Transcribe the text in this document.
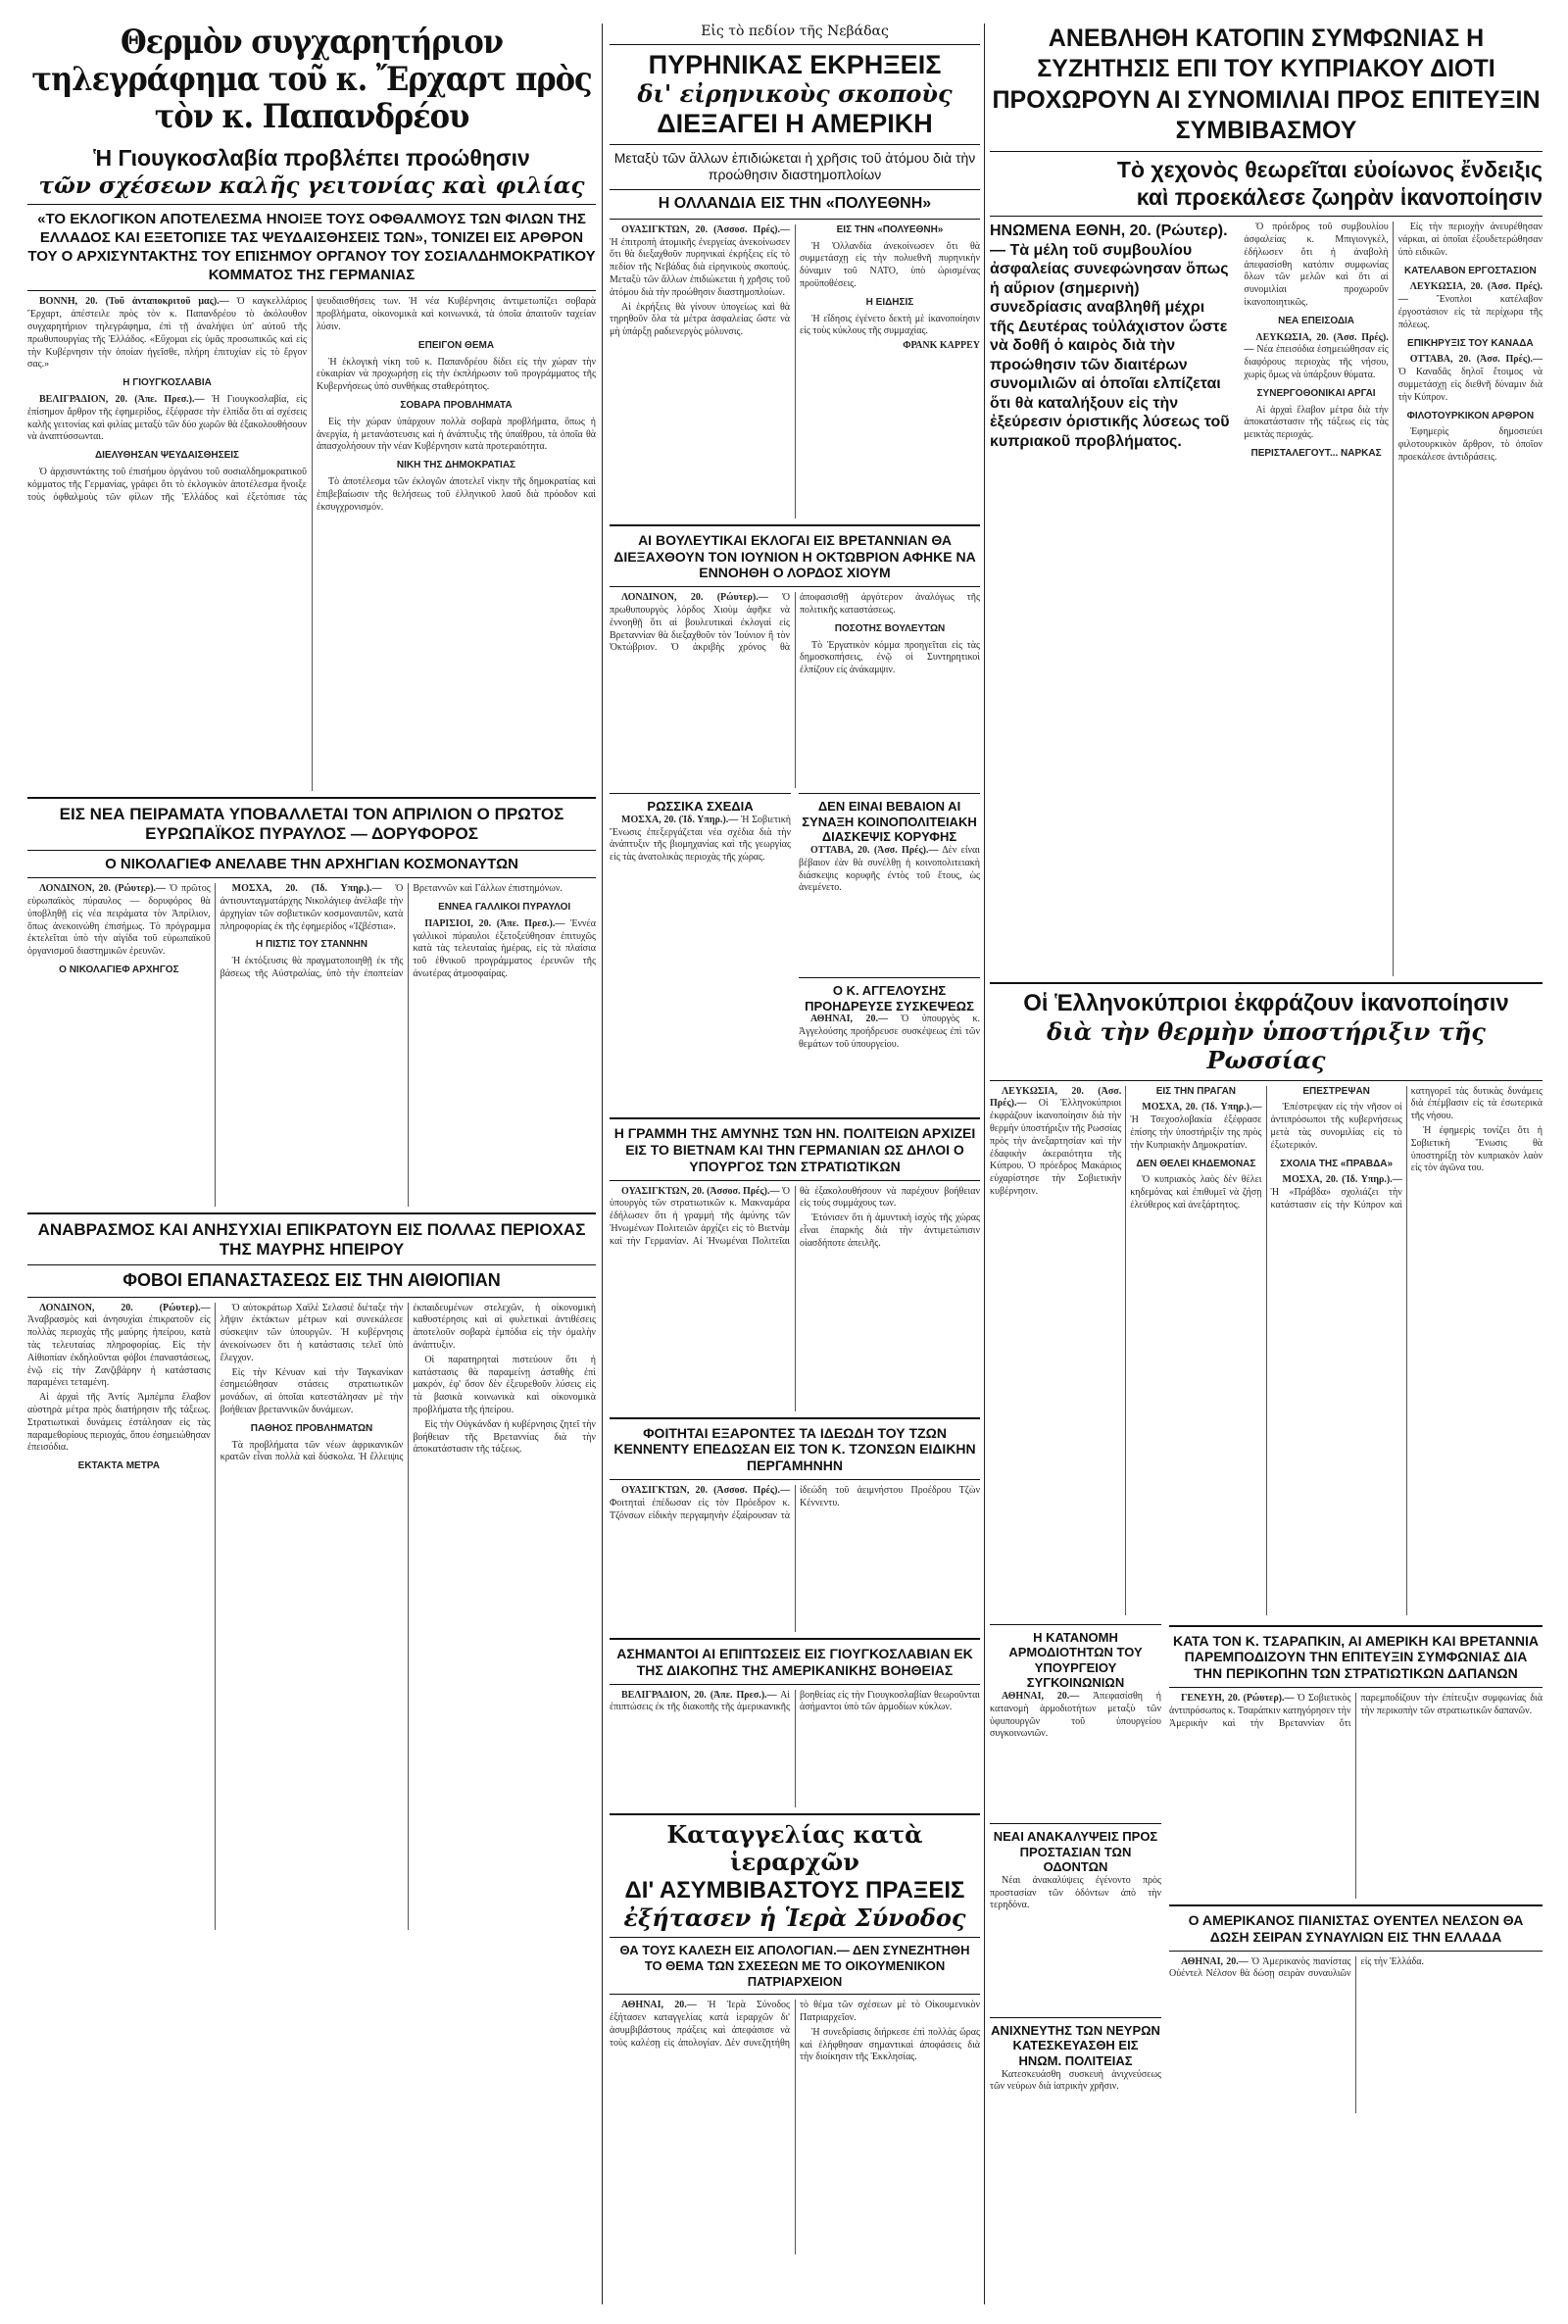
Θερμὸν συγχαρητήριον τηλεγράφημα τοῦ κ. Ἔρχαρτ πρὸς τὸν κ. Παπανδρέου
Ἡ Γιουγκοσλαβία προβλέπει προώθησιν
τῶν σχέσεων καλῆς γειτονίας καὶ φιλίας
«ΤΟ ΕΚΛΟΓΙΚΟΝ ΑΠΟΤΕΛΕΣΜΑ ΗΝΟΙΞΕ ΤΟΥΣ ΟΦΘΑΛΜΟΥΣ ΤΩΝ ΦΙΛΩΝ ΤΗΣ ΕΛΛΑΔΟΣ ΚΑΙ ΕΞΕΤΟΠΙΣΕ ΤΑΣ ΨΕΥΔΑΙΣΘΗΣΕΙΣ ΤΩΝ», ΤΟΝΙΖΕΙ ΕΙΣ ΑΡΘΡΟΝ ΤΟΥ Ο ΑΡΧΙΣΥΝΤΑΚΤΗΣ ΤΟΥ ΕΠΙΣΗΜΟΥ ΟΡΓΑΝΟΥ ΤΟΥ ΣΟΣΙΑΛΔΗΜΟΚΡΑΤΙΚΟΥ ΚΟΜΜΑΤΟΣ ΤΗΣ ΓΕΡΜΑΝΙΑΣ

ΒΟΝΝΗ, 20. (Τοῦ ἀνταποκριτοῦ μας).— Ὁ καγκελλάριος Ἔρχαρτ, ἀπέστειλε πρὸς τὸν κ. Παπανδρέου τὸ ἀκόλουθον συγχαρητήριον τηλεγράφημα, ἐπὶ τῇ ἀναλήψει ὑπ' αὐτοῦ τῆς πρωθυπουργίας τῆς Ἑλλάδος. «Εὔχομαι εἰς ὑμᾶς προσωπικῶς καὶ εἰς τὴν Κυβέρνησιν τὴν ὁποίαν ἡγεῖσθε, πλήρη ἐπιτυχίαν εἰς τὸ ἔργον σας.»

Η ΓΙΟΥΓΚΟΣΛΑΒΙΑ

ΒΕΛΙΓΡΑΔΙΟΝ, 20. (Ἀπε. Πρεσ.).— Ἡ Γιουγκοσλαβία, εἰς ἐπίσημον ἄρθρον τῆς ἐφημερίδος, ἐξέφρασε τὴν ἐλπίδα ὅτι αἱ σχέσεις καλῆς γειτονίας καὶ φιλίας μεταξὺ τῶν δύο χωρῶν θὰ ἐξακολουθήσουν νὰ ἀναπτύσσωνται.

ΔΙΕΛΥΘΗΣΑΝ ΨΕΥΔΑΙΣΘΗΣΕΙΣ

Ὁ ἀρχισυντάκτης τοῦ ἐπισήμου ὀργάνου τοῦ σοσιαλδημοκρατικοῦ κόμματος τῆς Γερμανίας, γράφει ὅτι τὸ ἐκλογικὸν ἀποτέλεσμα ἤνοιξε τοὺς ὀφθαλμοὺς τῶν φίλων τῆς Ἑλλάδος καὶ ἐξετόπισε τὰς ψευδαισθήσεις των. Ἡ νέα Κυβέρνησις ἀντιμετωπίζει σοβαρὰ προβλήματα, οἰκονομικὰ καὶ κοινωνικά, τὰ ὁποῖα ἀπαιτοῦν ταχείαν λύσιν.

ΕΠΕΙΓΟΝ ΘΕΜΑ

Ἡ ἐκλογικὴ νίκη τοῦ κ. Παπανδρέου δίδει εἰς τὴν χώραν τὴν εὐκαιρίαν νὰ προχωρήσῃ εἰς τὴν ἐκπλήρωσιν τοῦ προγράμματος τῆς Κυβερνήσεως ὑπὸ συνθήκας σταθερότητος.

ΣΟΒΑΡΑ ΠΡΟΒΛΗΜΑΤΑ

Εἰς τὴν χώραν ὑπάρχουν πολλὰ σοβαρὰ προβλήματα, ὅπως ἡ ἀνεργία, ἡ μετανάστευσις καὶ ἡ ἀνάπτυξις τῆς ὑπαίθρου, τὰ ὁποῖα θὰ ἀπασχολήσουν τὴν νέαν Κυβέρνησιν κατὰ προτεραιότητα.

ΝΙΚΗ ΤΗΣ ΔΗΜΟΚΡΑΤΙΑΣ

Τὸ ἀποτέλεσμα τῶν ἐκλογῶν ἀποτελεῖ νίκην τῆς δημοκρατίας καὶ ἐπιβεβαίωσιν τῆς θελήσεως τοῦ ἑλληνικοῦ λαοῦ διὰ πρόοδον καὶ ἐκσυγχρονισμόν.

ΕΙΣ ΝΕΑ ΠΕΙΡΑΜΑΤΑ ΥΠΟΒΑΛΛΕΤΑΙ ΤΟΝ ΑΠΡΙΛΙΟΝ Ο ΠΡΩΤΟΣ ΕΥΡΩΠΑΪΚΟΣ ΠΥΡΑΥΛΟΣ — ΔΟΡΥΦΟΡΟΣ
Ο ΝΙΚΟΛΑΓΙΕΦ ΑΝΕΛΑΒΕ ΤΗΝ ΑΡΧΗΓΙΑΝ ΚΟΣΜΟΝΑΥΤΩΝ

ΛΟΝΔΙΝΟΝ, 20. (Ρώυτερ).— Ὁ πρῶτος εὐρωπαϊκὸς πύραυλος — δορυφόρος θὰ ὑποβληθῇ εἰς νέα πειράματα τὸν Ἀπρίλιον, ὅπως ἀνεκοινώθη ἐπισήμως. Τὸ πρόγραμμα ἐκτελεῖται ὑπὸ τὴν αἰγίδα τοῦ εὐρωπαϊκοῦ ὀργανισμοῦ διαστημικῶν ἐρευνῶν.

Ο ΝΙΚΟΛΑΓΙΕΦ ΑΡΧΗΓΟΣ

ΜΟΣΧΑ, 20. (Ἰδ. Υπηρ.).— Ὁ ἀντισυνταγματάρχης Νικολάγιεφ ἀνέλαβε τὴν ἀρχηγίαν τῶν σοβιετικῶν κοσμοναυτῶν, κατὰ πληροφορίας ἐκ τῆς ἐφημερίδος «Ἰζβέστια».

Η ΠΙΣΤΙΣ ΤΟΥ ΣΤΑΝΝΗΝ

Ἡ ἐκτόξευσις θὰ πραγματοποιηθῇ ἐκ τῆς βάσεως τῆς Αὐστραλίας, ὑπὸ τὴν ἐποπτείαν Βρεταννῶν καὶ Γάλλων ἐπιστημόνων.

ΕΝΝΕΑ ΓΑΛΛΙΚΟΙ ΠΥΡΑΥΛΟΙ

ΠΑΡΙΣΙΟΙ, 20. (Ἀπε. Πρεσ.).— Ἐννέα γαλλικοὶ πύραυλοι ἐξετοξεύθησαν ἐπιτυχῶς κατὰ τὰς τελευταίας ἡμέρας, εἰς τὰ πλαίσια τοῦ ἐθνικοῦ προγράμματος ἐρευνῶν τῆς ἀνωτέρας ἀτμοσφαίρας.

ΑΝΑΒΡΑΣΜΟΣ ΚΑΙ ΑΝΗΣΥΧΙΑΙ ΕΠΙΚΡΑΤΟΥΝ ΕΙΣ ΠΟΛΛΑΣ ΠΕΡΙΟΧΑΣ ΤΗΣ ΜΑΥΡΗΣ ΗΠΕΙΡΟΥ
ΦΟΒΟΙ ΕΠΑΝΑΣΤΑΣΕΩΣ ΕΙΣ ΤΗΝ ΑΙΘΙΟΠΙΑΝ

ΛΟΝΔΙΝΟΝ, 20. (Ρώυτερ).— Ἀναβρασμὸς καὶ ἀνησυχίαι ἐπικρατοῦν εἰς πολλὰς περιοχὰς τῆς μαύρης ἠπείρου, κατὰ τὰς τελευταίας πληροφορίας. Εἰς τὴν Αἰθιοπίαν ἐκδηλοῦνται φόβοι ἐπαναστάσεως, ἐνῷ εἰς τὴν Ζανζιβάρην ἡ κατάστασις παραμένει τεταμένη.

Αἱ ἀρχαὶ τῆς Ἀντίς Ἀμπέμπα ἔλαβον αὐστηρὰ μέτρα πρὸς διατήρησιν τῆς τάξεως. Στρατιωτικαὶ δυνάμεις ἐστάλησαν εἰς τὰς παραμεθορίους περιοχάς, ὅπου ἐσημειώθησαν ἐπεισόδια.

ΕΚΤΑΚΤΑ ΜΕΤΡΑ

Ὁ αὐτοκράτωρ Χαϊλὲ Σελασιὲ διέταξε τὴν λῆψιν ἐκτάκτων μέτρων καὶ συνεκάλεσε σύσκεψιν τῶν ὑπουργῶν. Ἡ κυβέρνησις ἀνεκοίνωσεν ὅτι ἡ κατάστασις τελεῖ ὑπὸ ἔλεγχον.

Εἰς τὴν Κένυαν καὶ τὴν Ταγκανίκαν ἐσημειώθησαν στάσεις στρατιωτικῶν μονάδων, αἱ ὁποῖαι κατεστάλησαν μὲ τὴν βοήθειαν βρεταννικῶν δυνάμεων.

ΠΑΘΗΟΣ ΠΡΟΒΛΗΜΑΤΩΝ

Τὰ προβλήματα τῶν νέων ἀφρικανικῶν κρατῶν εἶναι πολλὰ καὶ δύσκολα. Ἡ ἔλλειψις ἐκπαιδευμένων στελεχῶν, ἡ οἰκονομικὴ καθυστέρησις καὶ αἱ φυλετικαὶ ἀντιθέσεις ἀποτελοῦν σοβαρὰ ἐμπόδια εἰς τὴν ὁμαλὴν ἀνάπτυξιν.

Οἱ παρατηρηταὶ πιστεύουν ὅτι ἡ κατάστασις θὰ παραμείνῃ ἀσταθὴς ἐπὶ μακρόν, ἐφ' ὅσον δὲν ἐξευρεθοῦν λύσεις εἰς τὰ βασικὰ κοινωνικὰ καὶ οἰκονομικὰ προβλήματα τῆς ἠπείρου.

Εἰς τὴν Οὐγκάνδαν ἡ κυβέρνησις ζητεῖ τὴν βοήθειαν τῆς Βρεταννίας διὰ τὴν ἀποκατάστασιν τῆς τάξεως.

Εἰς τὸ πεδίον τῆς Νεβάδας
ΠΥΡΗΝΙΚΑΣ ΕΚΡΗΞΕΙΣ
δι' εἰρηνικοὺς σκοποὺς
ΔΙΕΞΑΓΕΙ Η ΑΜΕΡΙΚΗ
Μεταξὺ τῶν ἄλλων ἐπιδιώκεται ἡ χρῆσις τοῦ ἀτόμου διὰ τὴν προώθησιν διαστημοπλοίων
Η ΟΛΛΑΝΔΙΑ ΕΙΣ ΤΗΝ «ΠΟΛΥΕΘΝΗ»

ΟΥΑΣΙΓΚΤΩΝ, 20. (Ἀσσοσ. Πρές).— Ἡ ἐπιτροπὴ ἀτομικῆς ἐνεργείας ἀνεκοίνωσεν ὅτι θὰ διεξαχθοῦν πυρηνικαὶ ἐκρήξεις εἰς τὸ πεδίον τῆς Νεβάδας διὰ εἰρηνικοὺς σκοπούς. Μεταξὺ τῶν ἄλλων ἐπιδιώκεται ἡ χρῆσις τοῦ ἀτόμου διὰ τὴν προώθησιν διαστημοπλοίων.

Αἱ ἐκρήξεις θὰ γίνουν ὑπογείως καὶ θὰ τηρηθοῦν ὅλα τὰ μέτρα ἀσφαλείας ὥστε νὰ μὴ ὑπάρξῃ ραδιενεργὸς μόλυνσις.

ΕΙΣ ΤΗΝ «ΠΟΛΥΕΘΝΗ»

Ἡ Ὁλλανδία ἀνεκοίνωσεν ὅτι θὰ συμμετάσχῃ εἰς τὴν πολυεθνῆ πυρηνικὴν δύναμιν τοῦ ΝΑΤΟ, ὑπὸ ὡρισμένας προϋποθέσεις.

Η ΕΙΔΗΣΙΣ

Ἡ εἴδησις ἐγένετο δεκτὴ μὲ ἱκανοποίησιν εἰς τοὺς κύκλους τῆς συμμαχίας.

ΦΡΑΝΚ ΚΑΡΡΕΥ

ΑΙ ΒΟΥΛΕΥΤΙΚΑΙ ΕΚΛΟΓΑΙ ΕΙΣ ΒΡΕΤΑΝΝΙΑΝ ΘΑ ΔΙΕΞΑΧΘΟΥΝ ΤΟΝ ΙΟΥΝΙΟΝ Η ΟΚΤΩΒΡΙΟΝ ΑΦΗΚΕ ΝΑ ΕΝΝΟΗΘΗ Ο ΛΟΡΔΟΣ ΧΙΟΥΜ

ΛΟΝΔΙΝΟΝ, 20. (Ρώυτερ).— Ὁ πρωθυπουργὸς λόρδος Χιοὺμ ἀφῆκε νὰ ἐννοηθῇ ὅτι αἱ βουλευτικαὶ ἐκλογαὶ εἰς Βρεταννίαν θὰ διεξαχθοῦν τὸν Ἰούνιον ἢ τὸν Ὀκτώβριον. Ὁ ἀκριβὴς χρόνος θὰ ἀποφασισθῇ ἀργότερον ἀναλόγως τῆς πολιτικῆς καταστάσεως.

ΠΟΣΟΤΗΣ ΒΟΥΛΕΥΤΩΝ

Τὸ Ἐργατικὸν κόμμα προηγεῖται εἰς τὰς δημοσκοπήσεις, ἐνῷ οἱ Συντηρητικοὶ ἐλπίζουν εἰς ἀνάκαμψιν.

ΡΩΣΣΙΚΑ ΣΧΕΔΙΑ

ΜΟΣΧΑ, 20. (Ἰδ. Υπηρ.).— Ἡ Σοβιετικὴ Ἕνωσις ἐπεξεργάζεται νέα σχέδια διὰ τὴν ἀνάπτυξιν τῆς βιομηχανίας καὶ τῆς γεωργίας εἰς τὰς ἀνατολικὰς περιοχὰς τῆς χώρας.

ΔΕΝ ΕΙΝΑΙ ΒΕΒΑΙΟΝ ΑΙ ΣΥΝΑΞΗ ΚΟΙΝΟΠΟΛΙΤΕΙΑΚΗ ΔΙΑΣΚΕΨΙΣ ΚΟΡΥΦΗΣ

ΟΤΤΑΒΑ, 20. (Ἀσσ. Πρές).— Δὲν εἶναι βέβαιον ἐὰν θὰ συνέλθῃ ἡ κοινοπολιτειακὴ διάσκεψις κορυφῆς ἐντὸς τοῦ ἔτους, ὡς ἀνεμένετο.

Ο Κ. ΑΓΓΕΛΟΥΣΗΣ ΠΡΟΗΔΡΕΥΣΕ ΣΥΣΚΕΨΕΩΣ

ΑΘΗΝΑΙ, 20.— Ὁ ὑπουργὸς κ. Ἀγγελούσης προήδρευσε συσκέψεως ἐπὶ τῶν θεμάτων τοῦ ὑπουργείου.

Η ΓΡΑΜΜΗ ΤΗΣ ΑΜΥΝΗΣ ΤΩΝ ΗΝ. ΠΟΛΙΤΕΙΩΝ ΑΡΧΙΖΕΙ ΕΙΣ ΤΟ ΒΙΕΤΝΑΜ ΚΑΙ ΤΗΝ ΓΕΡΜΑΝΙΑΝ ΩΣ ΔΗΛΟΙ Ο ΥΠΟΥΡΓΟΣ ΤΩΝ ΣΤΡΑΤΙΩΤΙΚΩΝ

ΟΥΑΣΙΓΚΤΩΝ, 20. (Ἀσσοσ. Πρές).— Ὁ ὑπουργὸς τῶν στρατιωτικῶν κ. Μακναμάρα ἐδήλωσεν ὅτι ἡ γραμμὴ τῆς ἀμύνης τῶν Ἡνωμένων Πολιτειῶν ἀρχίζει εἰς τὸ Βιετνὰμ καὶ τὴν Γερμανίαν. Αἱ Ἡνωμέναι Πολιτεῖαι θὰ ἐξακολουθήσουν νὰ παρέχουν βοήθειαν εἰς τοὺς συμμάχους των.

Ἐτόνισεν ὅτι ἡ ἀμυντικὴ ἰσχὺς τῆς χώρας εἶναι ἐπαρκὴς διὰ τὴν ἀντιμετώπισιν οἱασδήποτε ἀπειλῆς.

ΦΟΙΤΗΤΑΙ ΕΞΑΡΟΝΤΕΣ ΤΑ ΙΔΕΩΔΗ ΤΟΥ ΤΖΩΝ ΚΕΝΝΕΝΤΥ ΕΠΕΔΩΣΑΝ ΕΙΣ ΤΟΝ Κ. ΤΖΟΝΣΩΝ ΕΙΔΙΚΗΝ ΠΕΡΓΑΜΗΝΗΝ

ΟΥΑΣΙΓΚΤΩΝ, 20. (Ἀσσοσ. Πρές).— Φοιτηταὶ ἐπέδωσαν εἰς τὸν Πρόεδρον κ. Τζόνσων εἰδικὴν περγαμηνὴν ἐξαίρουσαν τὰ ἰδεώδη τοῦ ἀειμνήστου Προέδρου Τζὼν Κέννεντυ.

ΑΣΗΜΑΝΤΟΙ ΑΙ ΕΠΙΠΤΩΣΕΙΣ ΕΙΣ ΓΙΟΥΓΚΟΣΛΑΒΙΑΝ ΕΚ ΤΗΣ ΔΙΑΚΟΠΗΣ ΤΗΣ ΑΜΕΡΙΚΑΝΙΚΗΣ ΒΟΗΘΕΙΑΣ

ΒΕΛΙΓΡΑΔΙΟΝ, 20. (Ἀπε. Πρεσ.).— Αἱ ἐπιπτώσεις ἐκ τῆς διακοπῆς τῆς ἀμερικανικῆς βοηθείας εἰς τὴν Γιουγκοσλαβίαν θεωροῦνται ἀσήμαντοι ὑπὸ τῶν ἁρμοδίων κύκλων.

Καταγγελίας κατὰ ἱεραρχῶν
ΔΙ' ΑΣΥΜΒΙΒΑΣΤΟΥΣ ΠΡΑΞΕΙΣ
ἐξήτασεν ἡ Ἱερὰ Σύνοδος
ΘΑ ΤΟΥΣ ΚΑΛΕΣΗ ΕΙΣ ΑΠΟΛΟΓΙΑΝ.— ΔΕΝ ΣΥΝΕΖΗΤΗΘΗ ΤΟ ΘΕΜΑ ΤΩΝ ΣΧΕΣΕΩΝ ΜΕ ΤΟ ΟΙΚΟΥΜΕΝΙΚΟΝ ΠΑΤΡΙΑΡΧΕΙΟΝ

ΑΘΗΝΑΙ, 20.— Ἡ Ἱερὰ Σύνοδος ἐξήτασεν καταγγελίας κατὰ ἱεραρχῶν δι' ἀσυμβιβάστους πράξεις καὶ ἀπεφάσισε νὰ τοὺς καλέσῃ εἰς ἀπολογίαν. Δὲν συνεζητήθη τὸ θέμα τῶν σχέσεων μὲ τὸ Οἰκουμενικὸν Πατριαρχεῖον.

Ἡ συνεδρίασις διήρκεσε ἐπὶ πολλὰς ὥρας καὶ ἐλήφθησαν σημαντικαὶ ἀποφάσεις διὰ τὴν διοίκησιν τῆς Ἐκκλησίας.

ΑΝΕΒΛΗΘΗ ΚΑΤΟΠΙΝ ΣΥΜΦΩΝΙΑΣ Η ΣΥΖΗΤΗΣΙΣ ΕΠΙ ΤΟΥ ΚΥΠΡΙΑΚΟΥ ΔΙΟΤΙ ΠΡΟΧΩΡΟΥΝ ΑΙ ΣΥΝΟΜΙΛΙΑΙ ΠΡΟΣ ΕΠΙΤΕΥΞΙΝ ΣΥΜΒΙΒΑΣΜΟΥ
Τὸ χεχονὸς θεωρεῖται εὐοίωνος ἔνδειξις
καὶ προεκάλεσε ζωηρὰν ἱκανοποίησιν
ΗΝΩΜΕΝΑ ΕΘΝΗ, 20. (Ρώυτερ).— Τὰ μέλη τοῦ συμβουλίου ἀσφαλείας συνεφώνησαν ὅπως ἡ αὔριον (σημερινὴ) συνεδρίασις αναβληθῆ μέχρι τῆς Δευτέρας τοὐλάχιστον ὥστε νὰ δοθῆ ὁ καιρὸς διὰ τὴν προώθησιν τῶν διαιτέρων συνομιλιῶν αἱ ὁποῖαι ελπίζεται ὅτι θὰ καταλήξουν εἰς τὴν ἐξεύρεσιν ὁριστικῆς λύσεως τοῦ κυπριακοῦ προβλήματος.

Ὁ πρόεδρος τοῦ συμβουλίου ἀσφαλείας κ. Μπιγιονγκέλ, ἐδήλωσεν ὅτι ἡ ἀναβολὴ ἀπεφασίσθη κατόπιν συμφωνίας ὅλων τῶν μελῶν καὶ ὅτι αἱ συνομιλίαι προχωροῦν ἱκανοποιητικῶς.

ΝΕΑ ΕΠΕΙΣΟΔΙΑ

ΛΕΥΚΩΣΙΑ, 20. (Ἀσσ. Πρές).— Νέα ἐπεισόδια ἐσημειώθησαν εἰς διαφόρους περιοχὰς τῆς νήσου, χωρὶς ὅμως νὰ ὑπάρξουν θύματα.

ΣΥΝΕΡΓΟΘΟΝΙΚΑΙ ΑΡΓΑΙ

Αἱ ἀρχαὶ ἔλαβον μέτρα διὰ τὴν ἀποκατάστασιν τῆς τάξεως εἰς τὰς μεικτὰς περιοχάς.

ΠΕΡΙΣΤΑΛΕΓΟΥΤ... ΝΑΡΚΑΣ

Εἰς τὴν περιοχὴν ἀνευρέθησαν νάρκαι, αἱ ὁποῖαι ἐξουδετερώθησαν ὑπὸ ειδικῶν.

ΚΑΤΕΛΑΒΟΝ ΕΡΓΟΣΤΑΣΙΟΝ

ΛΕΥΚΩΣΙΑ, 20. (Ἀσσ. Πρές).— Ἔνοπλοι κατέλαβον ἐργοστάσιον εἰς τὰ περίχωρα τῆς πόλεως.

ΕΠΙΚΗΡΥΞΙΣ ΤΟΥ ΚΑΝΑΔΑ

ΟΤΤΑΒΑ, 20. (Ἀσσ. Πρές).— Ὁ Καναδᾶς δηλοῖ ἕτοιμος νὰ συμμετάσχῃ εἰς διεθνῆ δύναμιν διὰ τὴν Κύπρον.

ΦΙΛΟΤΟΥΡΚΙΚΟΝ ΑΡΘΡΟΝ

Ἐφημερὶς δημοσιεύει φιλοτουρκικὸν ἄρθρον, τὸ ὁποῖον προεκάλεσε ἀντιδράσεις.

Οἱ Ἑλληνοκύπριοι ἐκφράζουν ἱκανοποίησιν
διὰ τὴν θερμὴν ὑποστήριξιν τῆς Ρωσσίας

ΛΕΥΚΩΣΙΑ, 20. (Ἀσσ. Πρές).— Οἱ Ἑλληνοκύπριοι ἐκφράζουν ἱκανοποίησιν διὰ τὴν θερμὴν ὑποστήριξιν τῆς Ρωσσίας πρὸς τὴν ἀνεξαρτησίαν καὶ τὴν ἐδαφικὴν ἀκεραιότητα τῆς Κύπρου. Ὁ πρόεδρος Μακάριος εὐχαρίστησε τὴν Σοβιετικὴν κυβέρνησιν.

ΕΙΣ ΤΗΝ ΠΡΑΓΑΝ

ΜΟΣΧΑ, 20. (Ἰδ. Υπηρ.).— Ἡ Τσεχοσλοβακία ἐξέφρασε ἐπίσης τὴν ὑποστήριξίν της πρὸς τὴν Κυπριακὴν Δημοκρατίαν.

ΔΕΝ ΘΕΛΕΙ ΚΗΔΕΜΟΝΑΣ

Ὁ κυπριακὸς λαὸς δὲν θέλει κηδεμόνας καὶ ἐπιθυμεῖ νὰ ζήσῃ ἐλεύθερος καὶ ἀνεξάρτητος.

ΕΠΕΣΤΡΕΨΑΝ

Ἐπέστρεψαν εἰς τὴν νῆσον οἱ ἀντιπρόσωποι τῆς κυβερνήσεως μετὰ τὰς συνομιλίας εἰς τὸ ἐξωτερικόν.

ΣΧΟΛΙΑ ΤΗΣ «ΠΡΑΒΔΑ»

ΜΟΣΧΑ, 20. (Ἰδ. Υπηρ.).— Ἡ «Πράβδα» σχολιάζει τὴν κατάστασιν εἰς τὴν Κύπρον καὶ κατηγορεῖ τὰς δυτικὰς δυνάμεις διὰ ἐπέμβασιν εἰς τὰ ἐσωτερικὰ τῆς νήσου.

Ἡ ἐφημερὶς τονίζει ὅτι ἡ Σοβιετικὴ Ἕνωσις θὰ ὑποστηρίξῃ τὸν κυπριακὸν λαὸν εἰς τὸν ἀγῶνα του.

Η ΚΑΤΑΝΟΜΗ ΑΡΜΟΔΙΟΤΗΤΩΝ ΤΟΥ ΥΠΟΥΡΓΕΙΟΥ ΣΥΓΚΟΙΝΩΝΙΩΝ

ΑΘΗΝΑΙ, 20.— Ἀπεφασίσθη ἡ κατανομὴ ἁρμοδιοτήτων μεταξὺ τῶν ὑφυπουργῶν τοῦ ὑπουργείου συγκοινωνιῶν.

ΝΕΑΙ ΑΝΑΚΑΛΥΨΕΙΣ ΠΡΟΣ ΠΡΟΣΤΑΣΙΑΝ ΤΩΝ ΟΔΟΝΤΩΝ

Νέαι ἀνακαλύψεις ἐγένοντο πρὸς προστασίαν τῶν ὀδόντων ἀπὸ τὴν τερηδόνα.

ΑΝΙΧΝΕΥΤΗΣ ΤΩΝ ΝΕΥΡΩΝ ΚΑΤΕΣΚΕΥΑΣΘΗ ΕΙΣ ΗΝΩΜ. ΠΟΛΙΤΕΙΑΣ

Κατεσκευάσθη συσκευὴ ἀνιχνεύσεως τῶν νεύρων διὰ ἰατρικὴν χρῆσιν.

ΚΑΤΑ ΤΟΝ Κ. ΤΣΑΡΑΠΚΙΝ, ΑΙ ΑΜΕΡΙΚΗ ΚΑΙ ΒΡΕΤΑΝΝΙΑ ΠΑΡΕΜΠΟΔΙΖΟΥΝ ΤΗΝ ΕΠΙΤΕΥΞΙΝ ΣΥΜΦΩΝΙΑΣ ΔΙΑ ΤΗΝ ΠΕΡΙΚΟΠΗΝ ΤΩΝ ΣΤΡΑΤΙΩΤΙΚΩΝ ΔΑΠΑΝΩΝ

ΓΕΝΕΥΗ, 20. (Ρώυτερ).— Ὁ Σοβιετικὸς ἀντιπρόσωπος κ. Τσαράπκιν κατηγόρησεν τὴν Ἀμερικὴν καὶ τὴν Βρεταννίαν ὅτι παρεμποδίζουν τὴν ἐπίτευξιν συμφωνίας διὰ τὴν περικοπὴν τῶν στρατιωτικῶν δαπανῶν.

Ο ΑΜΕΡΙΚΑΝΟΣ ΠΙΑΝΙΣΤΑΣ ΟΥΕΝΤΕΛ ΝΕΛΣΟΝ ΘΑ ΔΩΣΗ ΣΕΙΡΑΝ ΣΥΝΑΥΛΙΩΝ ΕΙΣ ΤΗΝ ΕΛΛΑΔΑ

ΑΘΗΝΑΙ, 20.— Ὁ Ἀμερικανὸς πιανίστας Οὐέντελ Νέλσον θὰ δώσῃ σειρὰν συναυλιῶν εἰς τὴν Ἑλλάδα.
